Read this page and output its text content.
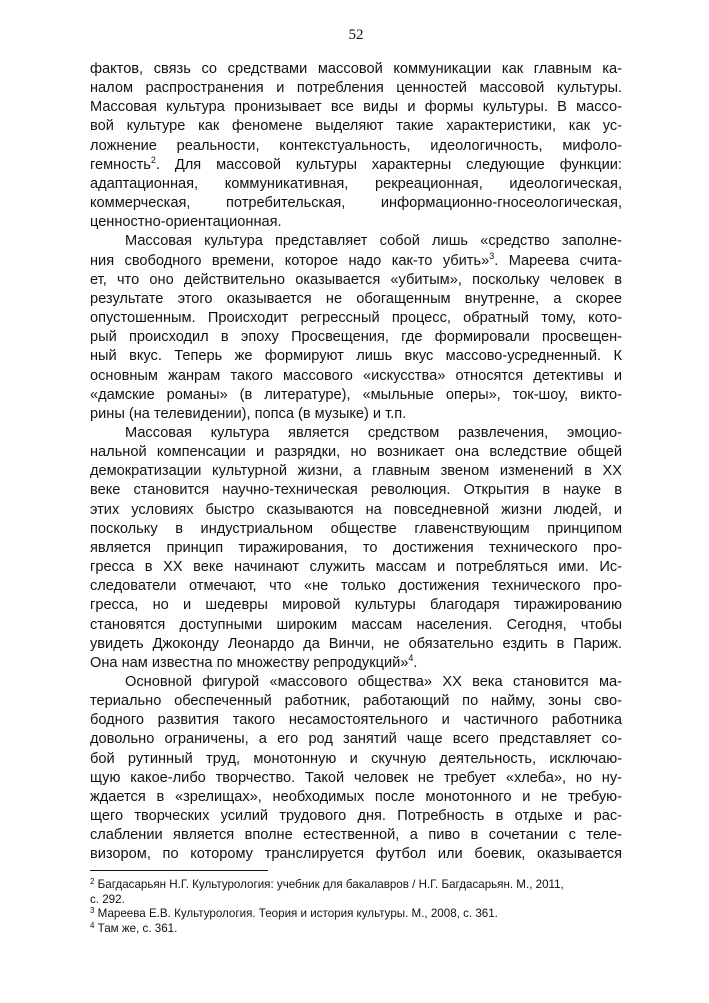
52

фактов, связь со средствами массовой коммуникации как главным ка-

налом распространения и потребления ценностей массовой культуры.

Массовая культура пронизывает все виды и формы культуры. В массо-

вой культуре как феномене выделяют такие характеристики, как ус-

ложнение реальности, контекстуальность, идеологичность, мифоло-

гемность$^2$. Для массовой культуры характерны следующие функции:

адаптационная, коммуникативная, рекреационная, идеологическая,

коммерческая, потребительская, информационно-гносеологическая,

ценностно-ориентационная.

Массовая культура представляет собой лишь «средство заполне-

ния свободного времени, которое надо как-то убить»$^3$. Мареева счита-

ет, что оно действительно оказывается «убитым», поскольку человек в

результате этого оказывается не обогащенным внутренне, а скорее

опустошенным. Происходит регрессный процесс, обратный тому, кото-

рый происходил в эпоху Просвещения, где формировали просвещен-

ный вкус. Теперь же формируют лишь вкус массово-усредненный. К

основным жанрам такого массового «искусства» относятся детективы и

«дамские романы» (в литературе), «мыльные оперы», ток-шоу, викто-

рины (на телевидении), попса (в музыке) и т.п.

Массовая культура является средством развлечения, эмоцио-

нальной компенсации и разрядки, но возникает она вследствие общей

демократизации культурной жизни, а главным звеном изменений в XX

веке становится научно-техническая революция. Открытия в науке в

этих условиях быстро сказываются на повседневной жизни людей, и

поскольку в индустриальном обществе главенствующим принципом

является принцип тиражирования, то достижения технического про-

гресса в XX веке начинают служить массам и потребляться ими. Ис-

следователи отмечают, что «не только достижения технического про-

гресса, но и шедевры мировой культуры благодаря тиражированию

становятся доступными широким массам населения. Сегодня, чтобы

увидеть Джоконду Леонардо да Винчи, не обязательно ездить в Париж.

Она нам известна по множеству репродукций»$^4$.

Основной фигурой «массового общества» XX века становится ма-

териально обеспеченный работник, работающий по найму, зоны сво-

бодного развития такого несамостоятельного и частичного работника

довольно ограничены, а его род занятий чаще всего представляет со-

бой рутинный труд, монотонную и скучную деятельность, исключаю-

щую какое-либо творчество. Такой человек не требует «хлеба», но ну-

ждается в «зрелищах», необходимых после монотонного и не требую-

щего творческих усилий трудового дня. Потребность в отдыхе и рас-

слаблении является вполне естественной, а пиво в сочетании с теле-

визором, по которому транслируется футбол или боевик, оказывается

$^2$ Багдасарьян Н.Г. Культурология: учебник для бакалавров / Н.Г. Багдасарьян. М., 2011,

с. 292.

$^3$ Мареева Е.В. Культурология. Теория и история культуры. М., 2008, с. 361.

$^4$ Там же, с. 361.
